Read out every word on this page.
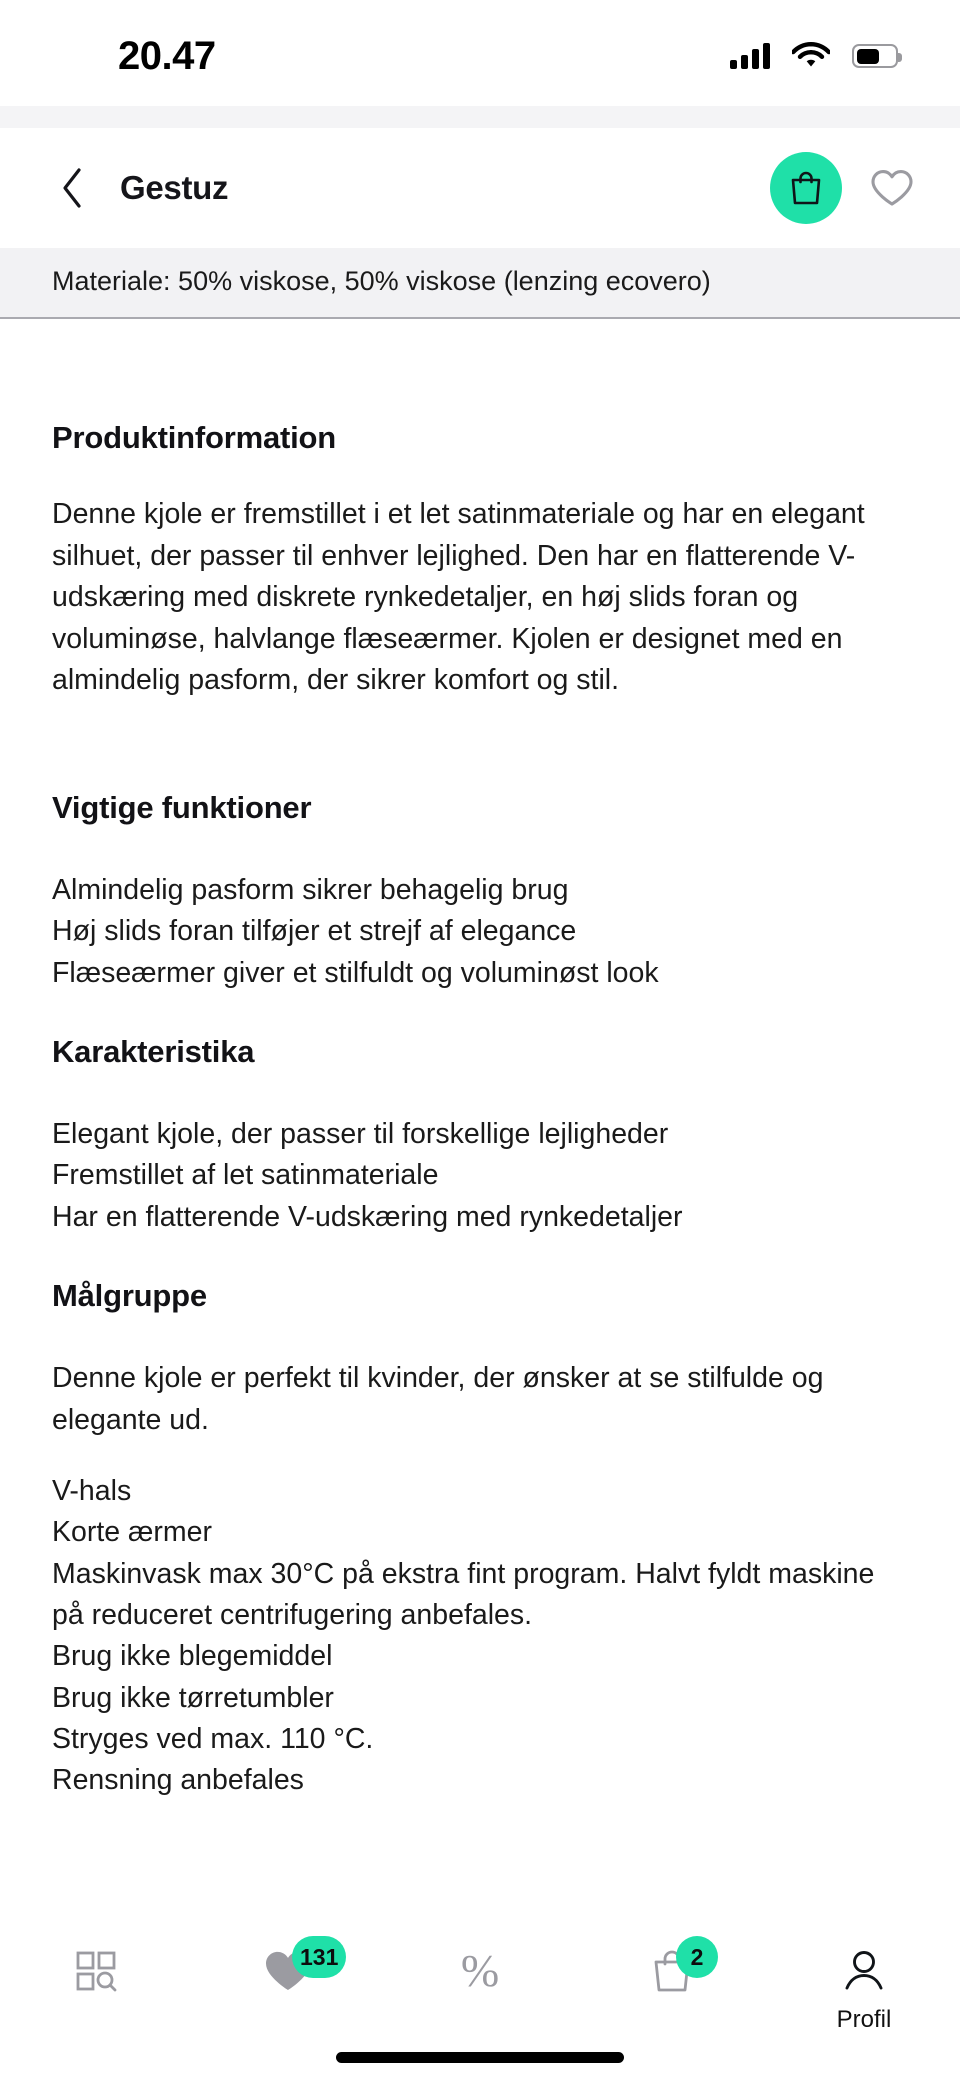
20.47
Gestuz
Materiale: 50% viskose, 50% viskose (lenzing ecovero)
Produktinformation
Denne kjole er fremstillet i et let satinmateriale og har en elegant silhuet, der passer til enhver lejlighed. Den har en flatterende V-udskæring med diskrete rynkedetaljer, en høj slids foran og voluminøse, halvlange flæseærmer. Kjolen er designet med en almindelig pasform, der sikrer komfort og stil.
Vigtige funktioner
Almindelig pasform sikrer behagelig brug
Høj slids foran tilføjer et strejf af elegance
Flæseærmer giver et stilfuldt og voluminøst look
Karakteristika
Elegant kjole, der passer til forskellige lejligheder
Fremstillet af let satinmateriale
Har en flatterende V-udskæring med rynkedetaljer
Målgruppe
Denne kjole er perfekt til kvinder, der ønsker at se stilfulde og elegante ud.
V-hals
Korte ærmer
Maskinvask max 30°C på ekstra fint program. Halvt fyldt maskine på reduceret centrifugering anbefales.
Brug ikke blegemiddel
Brug ikke tørretumbler
Stryges ved max. 110 °C.
Rensning anbefales
131	%	2
Profil
